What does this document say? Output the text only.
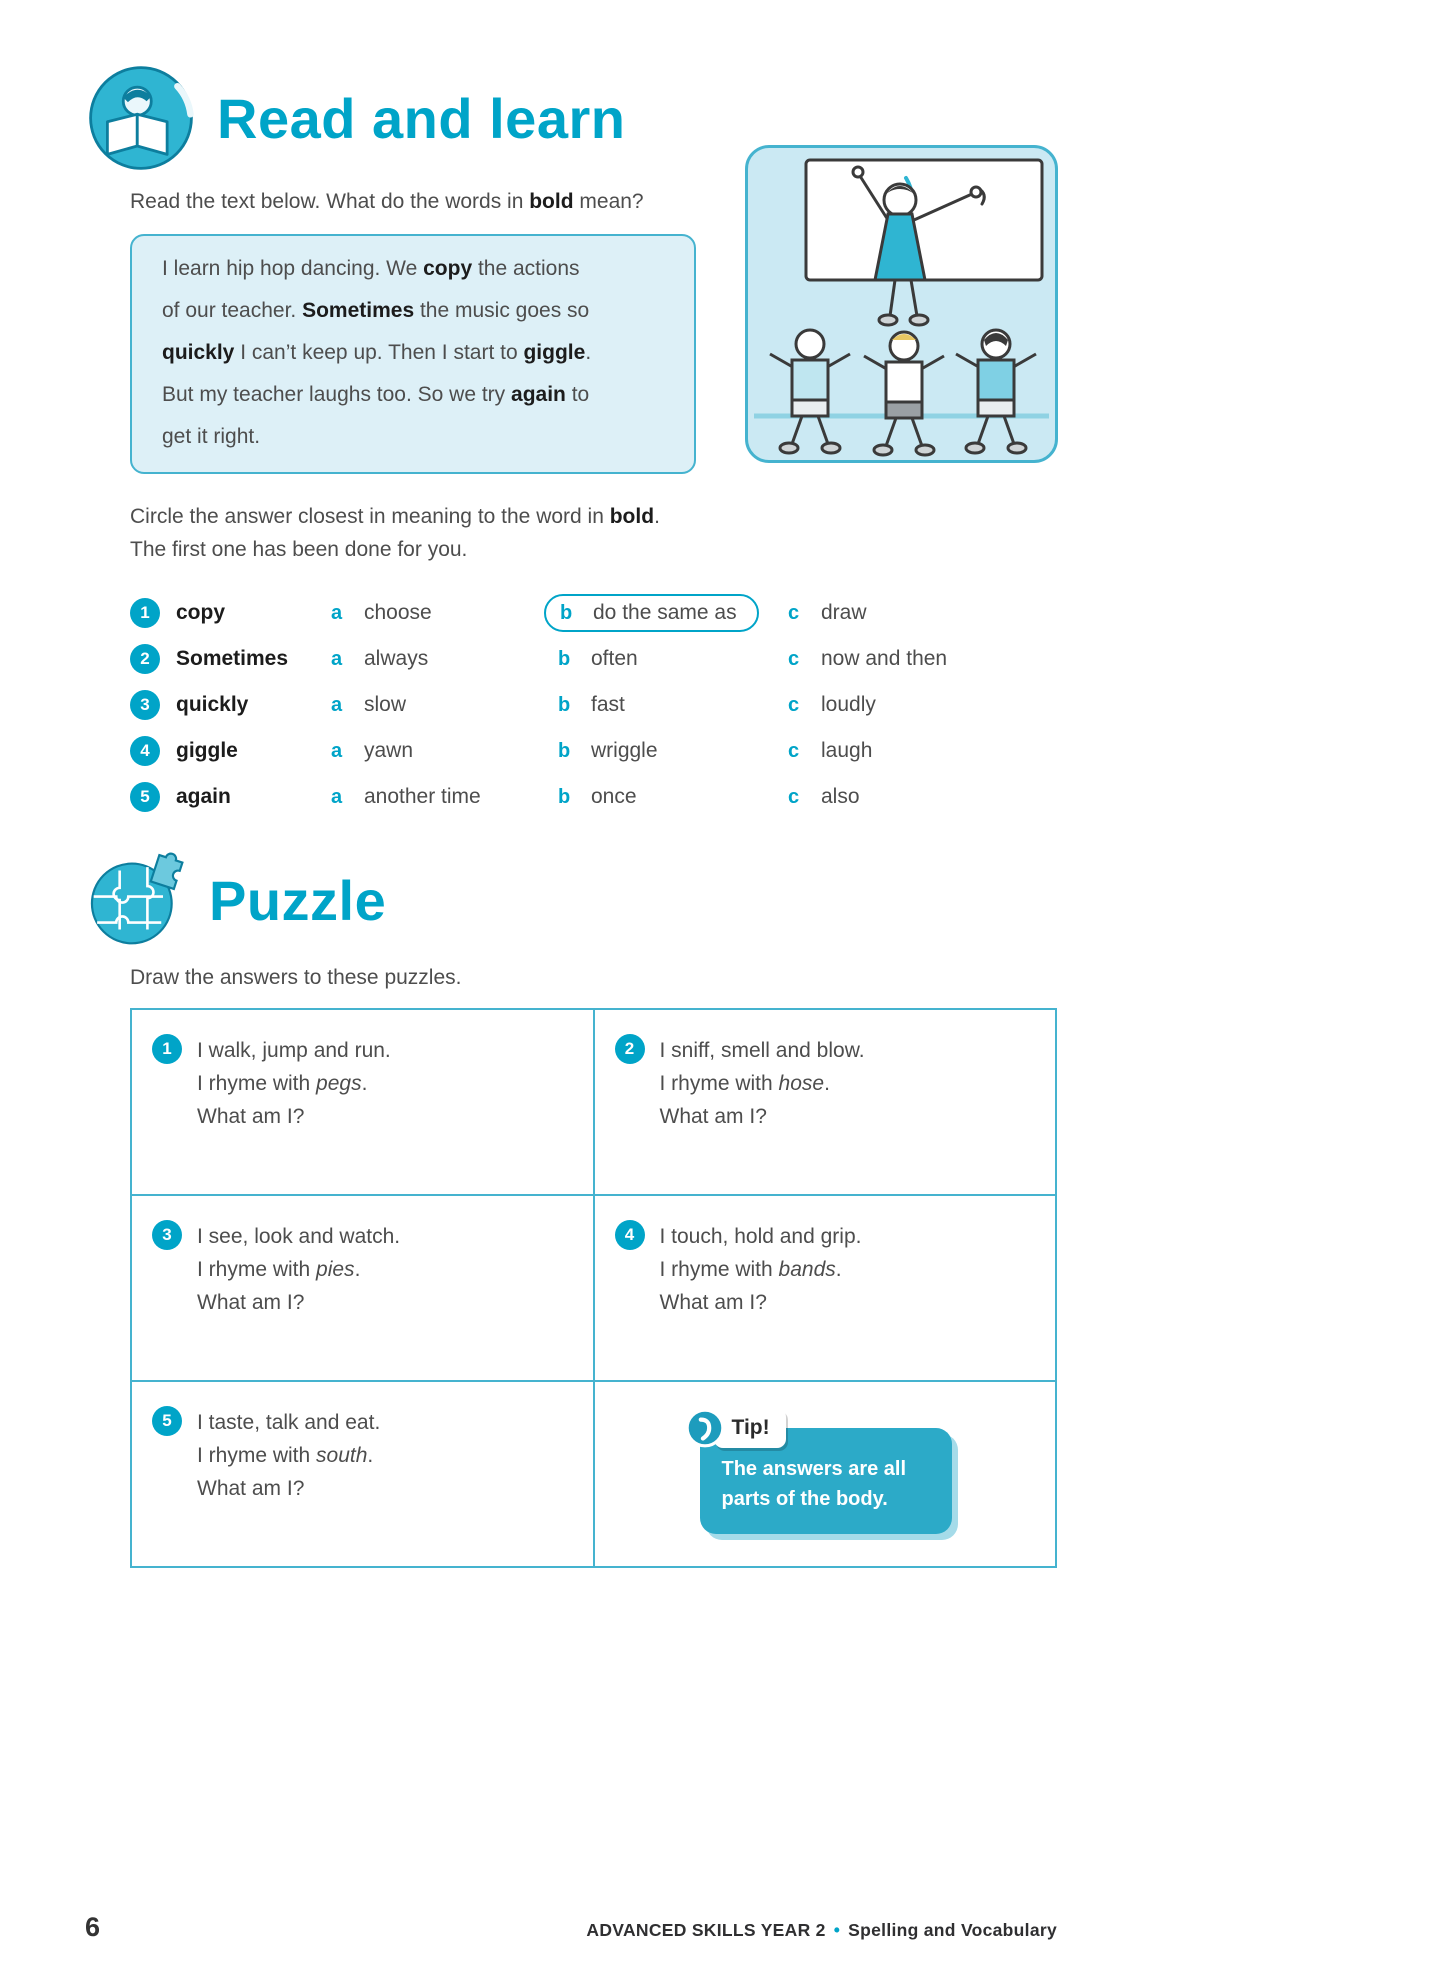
Read and learn
Read the text below. What do the words in bold mean?
I learn hip hop dancing. We copy the actions
of our teacher. Sometimes the music goes so
quickly I can’t keep up. Then I start to giggle.
But my teacher laughs too. So we try again to
get it right.
Circle the answer closest in meaning to the word in bold.
The first one has been done for you.
1	copy	a	choose	b do the same as	c	draw
2	Sometimes	a	always	b often	c	now and then
3	quickly	a	slow	b fast	c	loudly
4	giggle	a	yawn	b wriggle	c	laugh
5	again	a	another time	b once	c	also
Puzzle
Draw the answers to these puzzles.
1	I walk, jump and run.
I rhyme with pegs.
What am I?
2	I sniff, smell and blow.
I rhyme with hose.
What am I?
3	I see, look and watch.
I rhyme with pies.
What am I?
4	I touch, hold and grip.
I rhyme with bands.
What am I?
5	I taste, talk and eat.
I rhyme with south.
What am I?
Tip!
The answers are all parts of the body.
6	ADVANCED SKILLS YEAR 2 • Spelling and Vocabulary
